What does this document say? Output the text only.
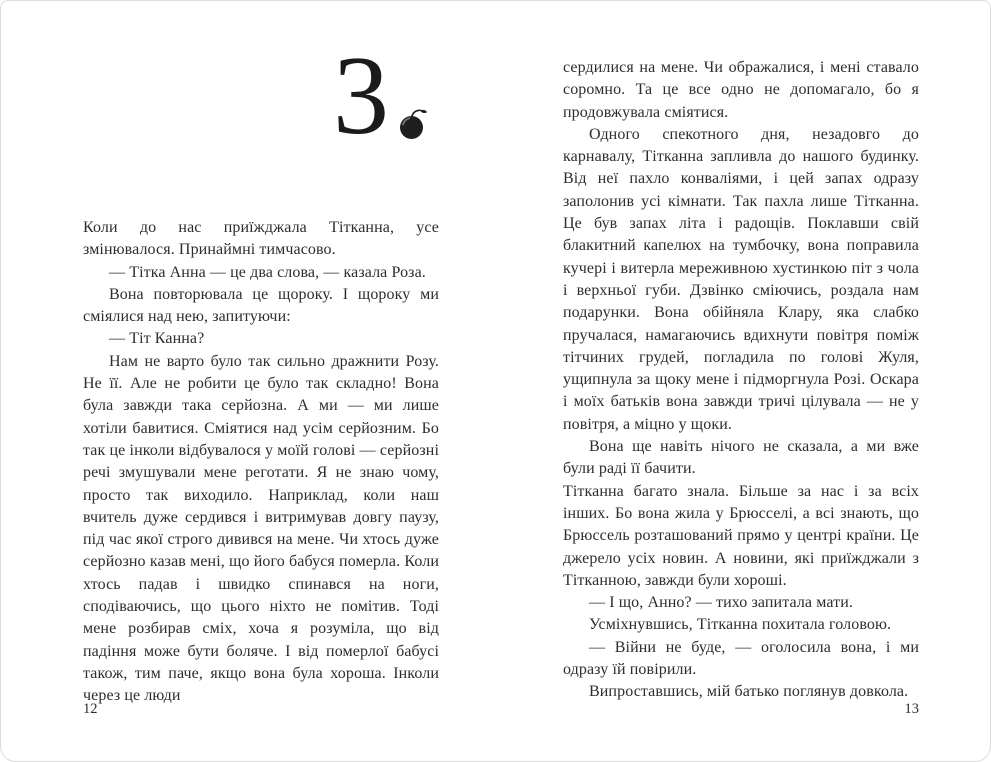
3

Коли до нас приїжджала Тітканна, усе змінювалося. Принаймні тимчасово.

— Тітка Анна — це два слова, — казала Роза.

Вона повторювала це щороку. І щороку ми сміялися над нею, запитуючи:

— Тіт Канна?

Нам не варто було так сильно дражнити Розу. Не її. Але не робити це було так складно! Вона була завжди така серйозна. А ми — ми лише хотіли бавитися. Сміятися над усім серйозним. Бо так це інколи відбувалося у моїй голові — серйозні речі змушували мене реготати. Я не знаю чому, просто так виходило. Наприклад, коли наш вчитель дуже сердився і витримував довгу паузу, під час якої строго дивився на мене. Чи хтось дуже серйозно казав мені, що його бабуся померла. Коли хтось падав і швидко спинався на ноги, сподіваючись, що цього ніхто не помітив. Тоді мене розбирав сміх, хоча я розуміла, що від падіння може бути боляче. І від померлої бабусі також, тим паче, якщо вона була хороша. Інколи через це люди

сердилися на мене. Чи ображалися, і мені ставало соромно. Та це все одно не допомагало, бо я продовжувала сміятися.

Одного спекотного дня, незадовго до карнавалу, Тітканна запливла до нашого будинку. Від неї пахло конваліями, і цей запах одразу заполонив усі кімнати. Так пахла лише Тітканна. Це був запах літа і радощів. Поклавши свій блакитний капелюх на тумбочку, вона поправила кучері і витерла мереживною хустинкою піт з чола і верхньої губи. Дзвінко сміючись, роздала нам подарунки. Вона обійняла Клару, яка слабко пручалася, намагаючись вдихнути повітря поміж тітчиних грудей, погладила по голові Жуля, ущипнула за щоку мене і підморгнула Розі. Оскара і моїх батьків вона завжди тричі цілувала — не у повітря, а міцно у щоки.

Вона ще навіть нічого не сказала, а ми вже були раді її бачити.

Тітканна багато знала. Більше за нас і за всіх інших. Бо вона жила у Брюсселі, а всі знають, що Брюссель розташований прямо у центрі країни. Це джерело усіх новин. А новини, які приїжджали з Тітканною, завжди були хороші.

— І що, Анно? — тихо запитала мати.

Усміхнувшись, Тітканна похитала головою.

— Війни не буде, — оголосила вона, і ми одразу їй повірили.

Випроставшись, мій батько поглянув довкола.

12	13
